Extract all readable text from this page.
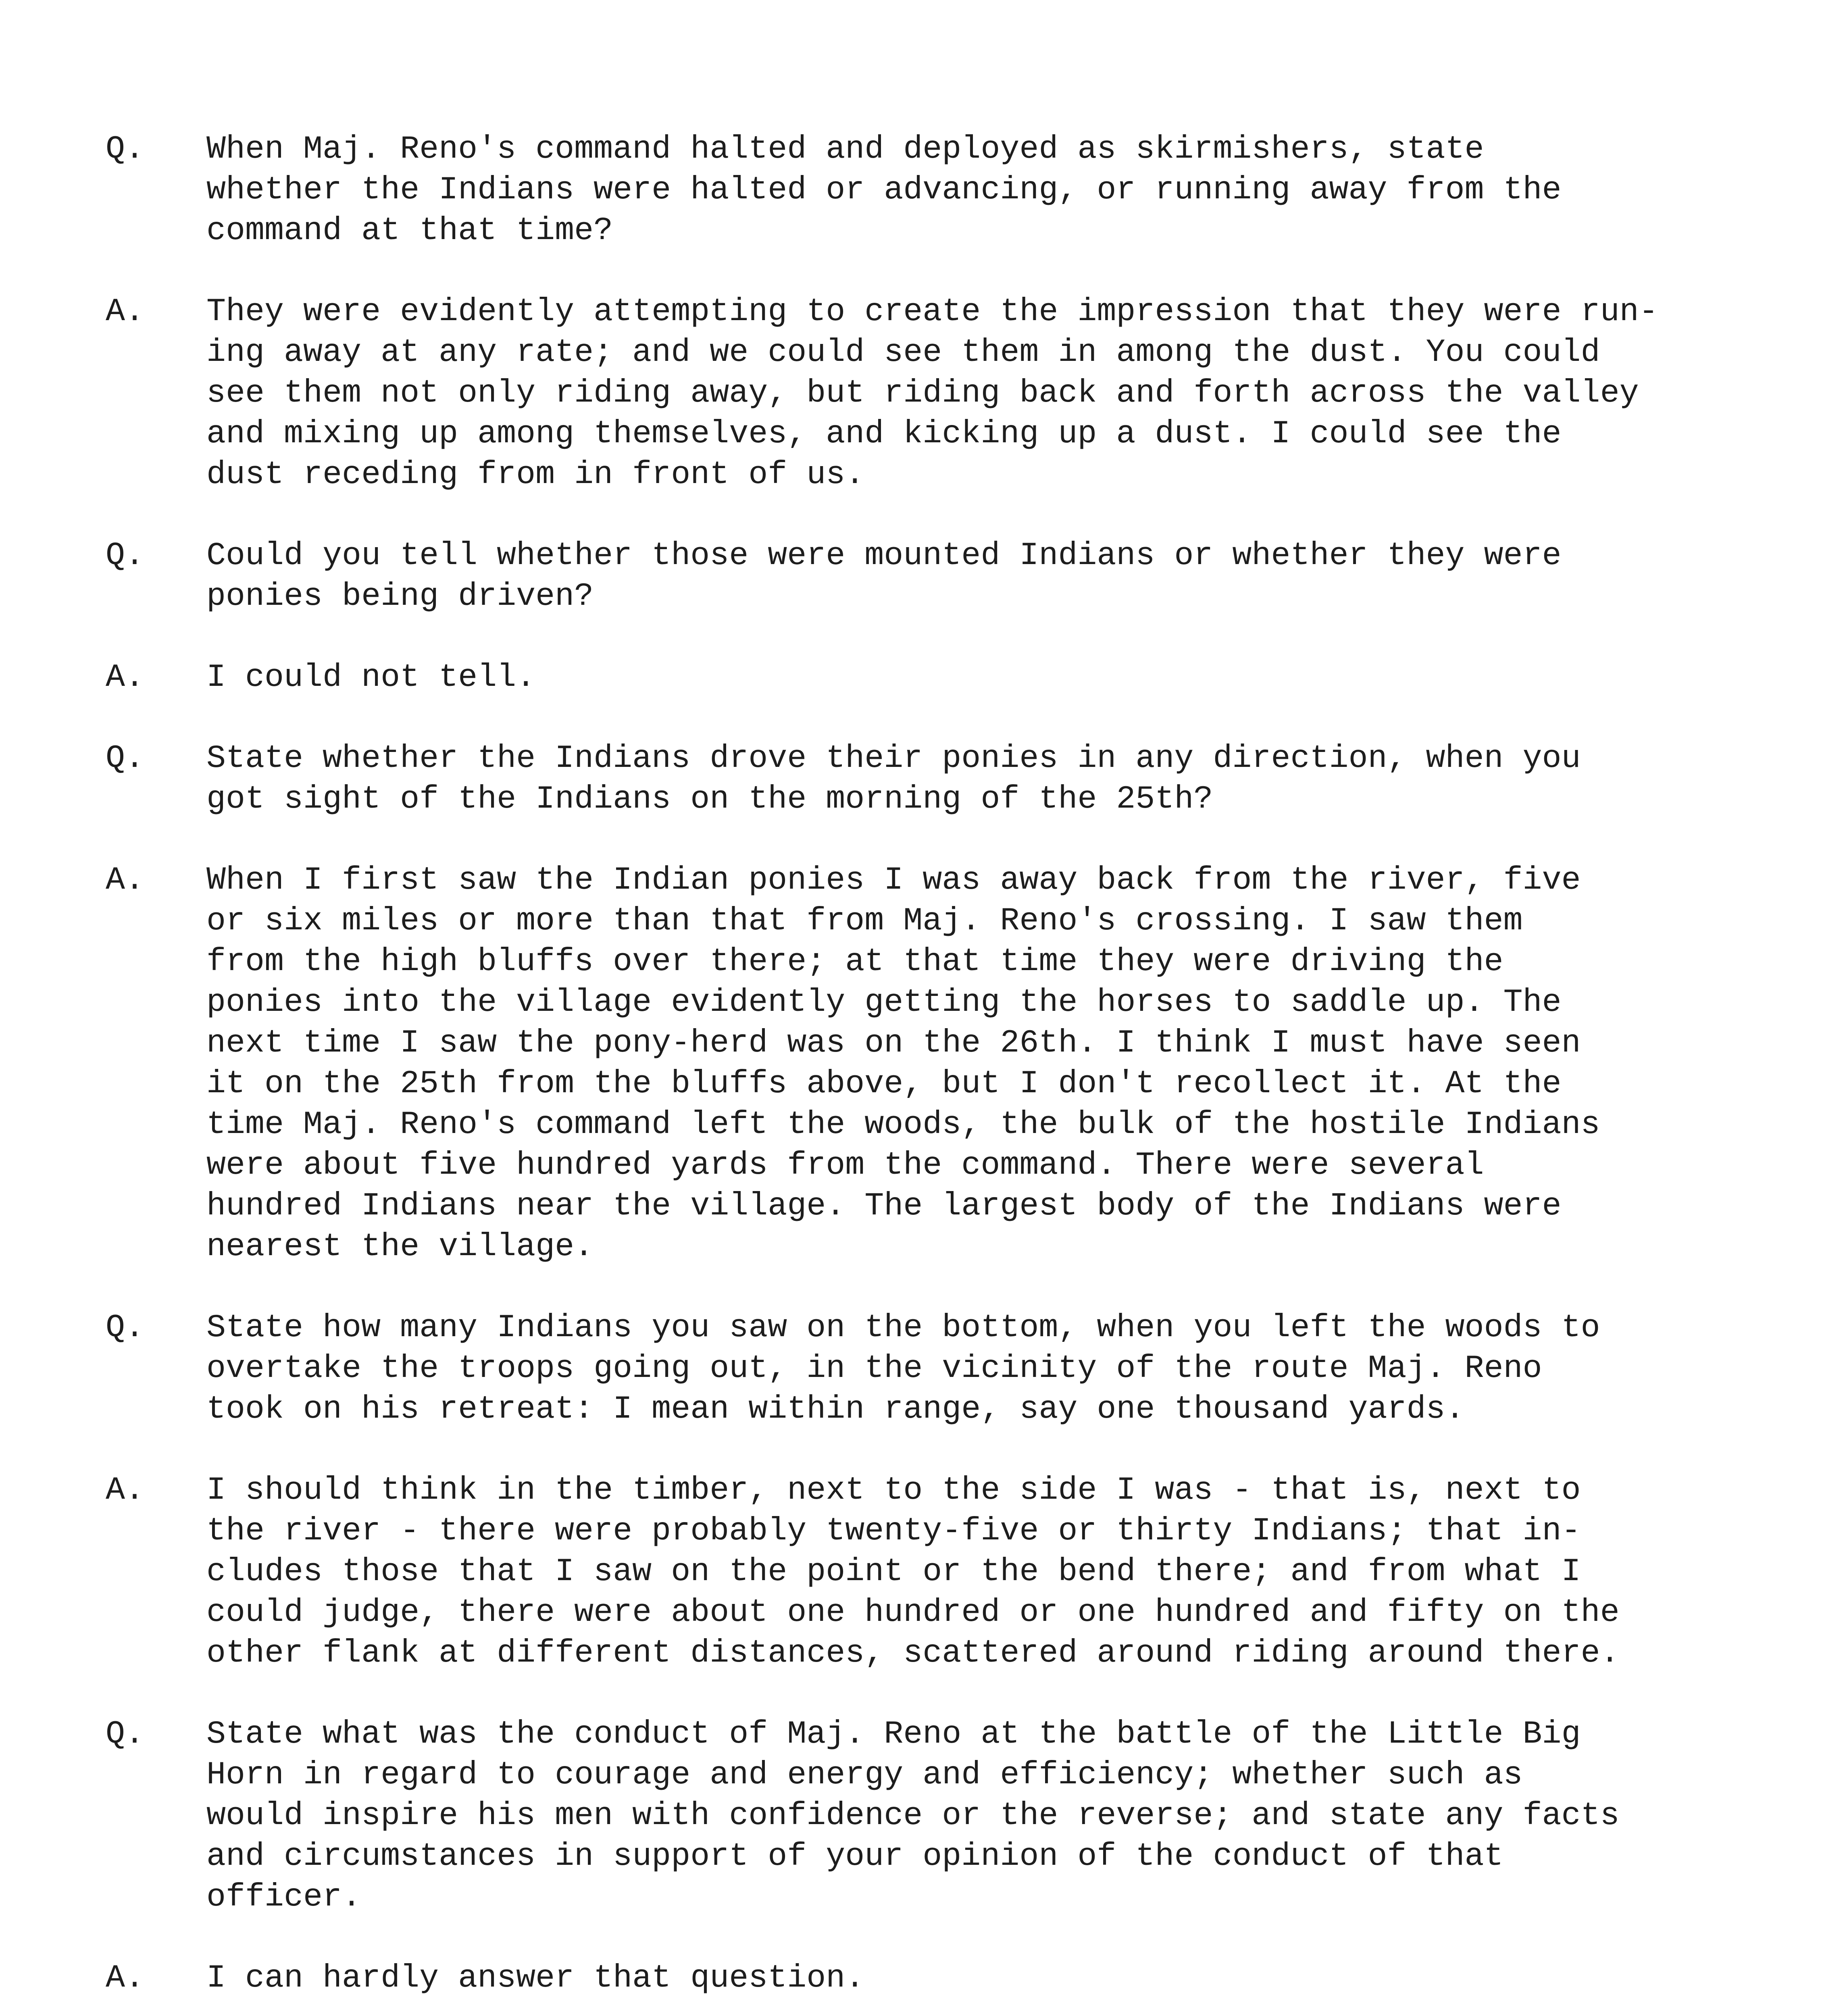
Q.	When Maj. Reno's command halted and deployed as skirmishers, state
whether the Indians were halted or advancing, or running away from the
command at that time?
A.	They were evidently attempting to create the impression that they were run-
ing away at any rate; and we could see them in among the dust. You could
see them not only riding away, but riding back and forth across the valley
and mixing up among themselves, and kicking up a dust. I could see the
dust receding from in front of us.
Q.	Could you tell whether those were mounted Indians or whether they were
ponies being driven?
A.	I could not tell.
Q.	State whether the Indians drove their ponies in any direction, when you
got sight of the Indians on the morning of the 25th?
A.	When I first saw the Indian ponies I was away back from the river, five
or six miles or more than that from Maj. Reno's crossing. I saw them
from the high bluffs over there; at that time they were driving the
ponies into the village evidently getting the horses to saddle up. The
next time I saw the pony-herd was on the 26th. I think I must have seen
it on the 25th from the bluffs above, but I don't recollect it. At the
time Maj. Reno's command left the woods, the bulk of the hostile Indians
were about five hundred yards from the command. There were several
hundred Indians near the village. The largest body of the Indians were
nearest the village.
Q.	State how many Indians you saw on the bottom, when you left the woods to
overtake the troops going out, in the vicinity of the route Maj. Reno
took on his retreat: I mean within range, say one thousand yards.
A.	I should think in the timber, next to the side I was - that is, next to
the river - there were probably twenty-five or thirty Indians; that in-
cludes those that I saw on the point or the bend there; and from what I
could judge, there were about one hundred or one hundred and fifty on the
other flank at different distances, scattered around riding around there.
Q.	State what was the conduct of Maj. Reno at the battle of the Little Big
Horn in regard to courage and energy and efficiency; whether such as
would inspire his men with confidence or the reverse; and state any facts
and circumstances in support of your opinion of the conduct of that
officer.
A.	I can hardly answer that question.
